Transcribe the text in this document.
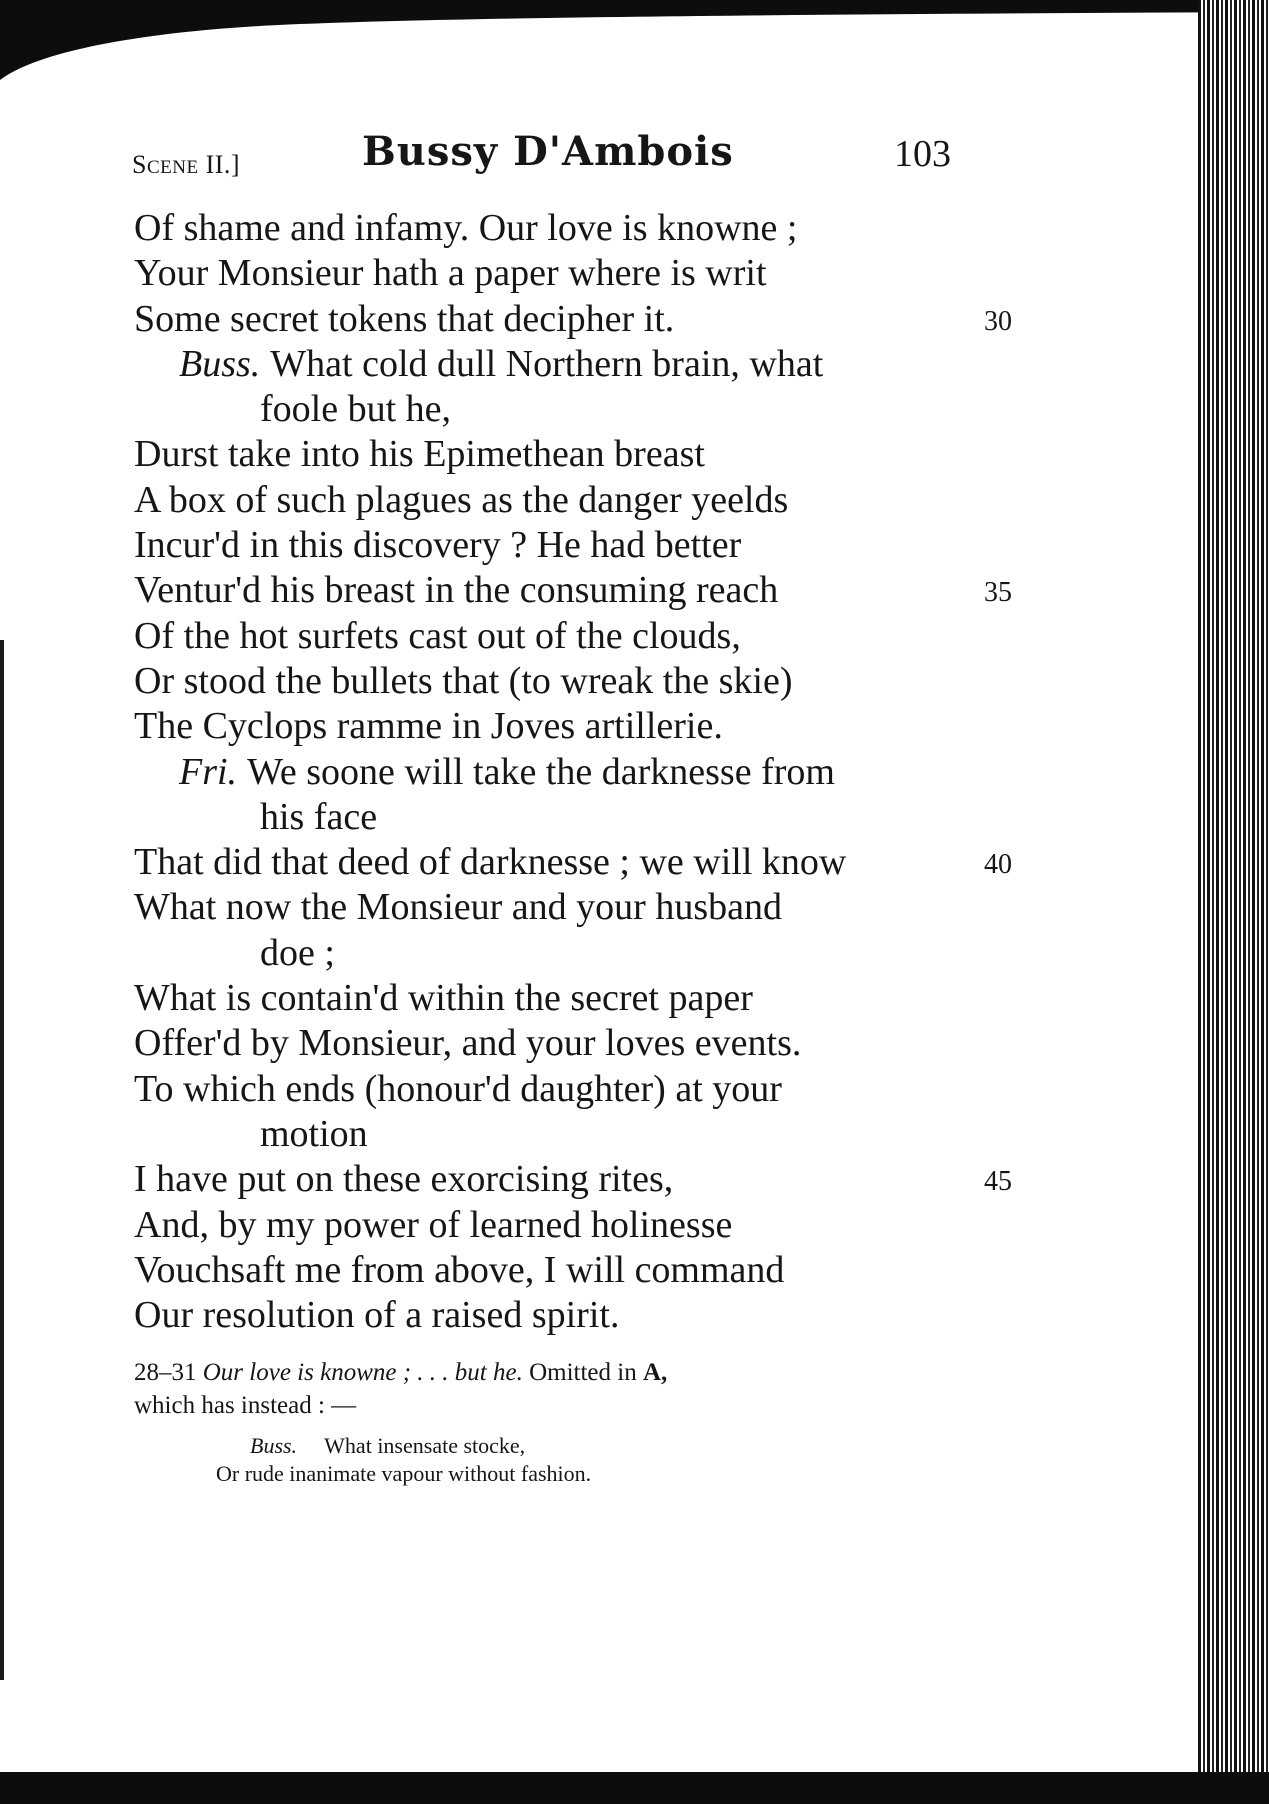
SCENE II.]	Bussy D'Ambois	103
Of shame and infamy. Our love is knowne ;
Your Monsieur hath a paper where is writ
Some secret tokens that decipher it.	30
Buss. What cold dull Northern brain, what
foole but he,
Durst take into his Epimethean breast
A box of such plagues as the danger yeelds
Incur'd in this discovery ? He had better
Ventur'd his breast in the consuming reach	35
Of the hot surfets cast out of the clouds,
Or stood the bullets that (to wreak the skie)
The Cyclops ramme in Joves artillerie.
Fri. We soone will take the darknesse from
his face
That did that deed of darknesse ; we will know	40
What now the Monsieur and your husband
doe ;
What is contain'd within the secret paper
Offer'd by Monsieur, and your loves events.
To which ends (honour'd daughter) at your
motion
I have put on these exorcising rites,	45
And, by my power of learned holinesse
Vouchsaft me from above, I will command
Our resolution of a raised spirit.
28–31 Our love is knowne ; . . . but he. Omitted in A,
which has instead : —
Buss. What insensate stocke,
Or rude inanimate vapour without fashion.
